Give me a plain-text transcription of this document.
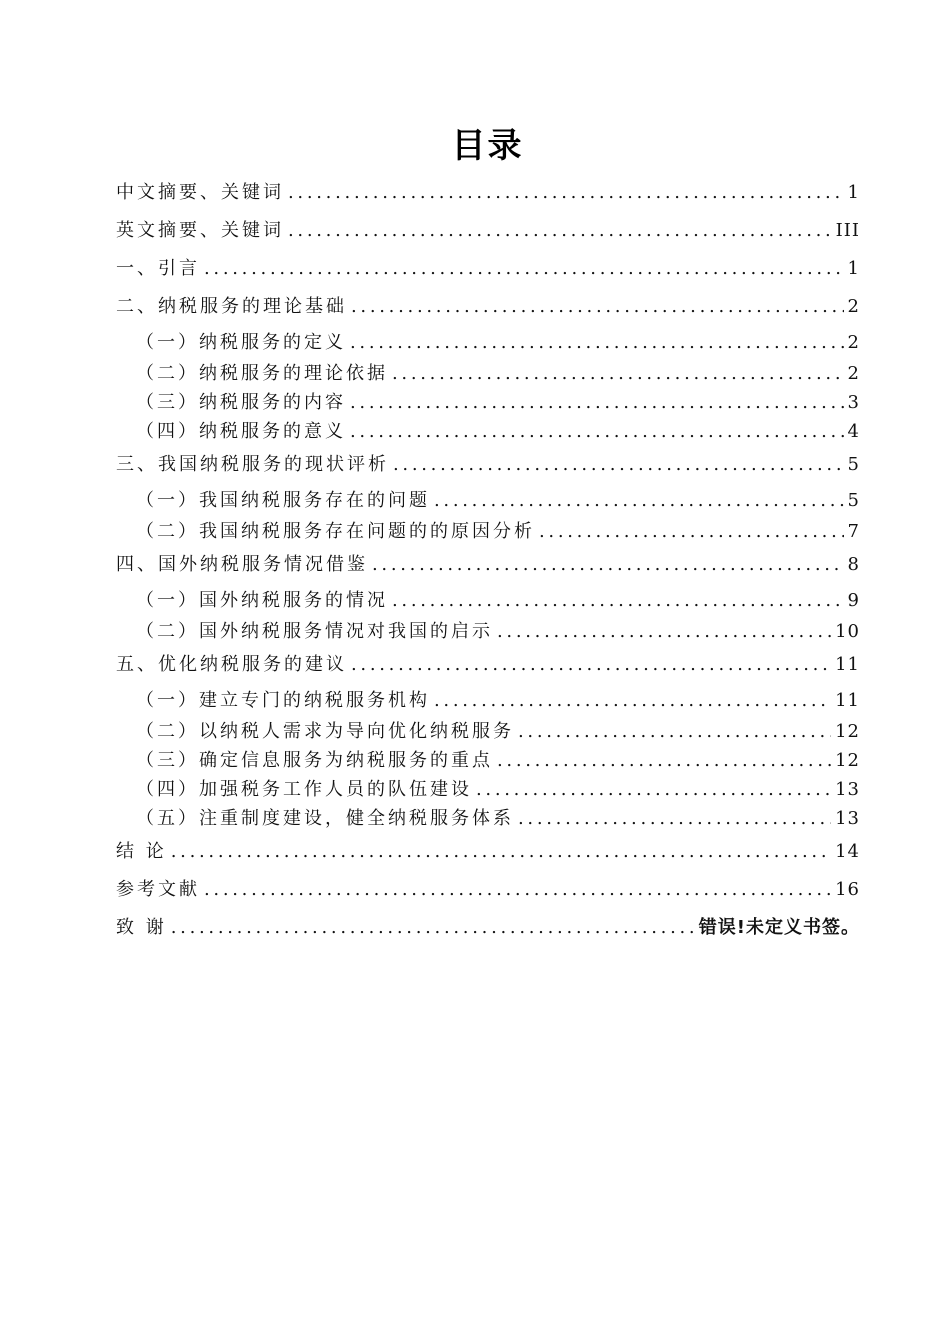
目录
中文摘要、关键词 .....	1
英文摘要、关键词 .....	III
一、引言 .....	1
二、纳税服务的理论基础 .....	2
（一）纳税服务的定义 .....	2
（二）纳税服务的理论依据 .....	2
（三）纳税服务的内容 .....	3
（四）纳税服务的意义 .....	4
三、我国纳税服务的现状评析 .....	5
（一）我国纳税服务存在的问题 .....	5
（二）我国纳税服务存在问题的的原因分析 .....	7
四、国外纳税服务情况借鉴 .....	8
（一）国外纳税服务的情况 .....	9
（二）国外纳税服务情况对我国的启示 .....	10
五、优化纳税服务的建议 .....	11
（一）建立专门的纳税服务机构 .....	11
（二）以纳税人需求为导向优化纳税服务 .....	12
（三）确定信息服务为纳税服务的重点 .....	12
（四）加强税务工作人员的队伍建设 .....	13
（五）注重制度建设，健全纳税服务体系 .....	13
结 论 .....	14
参考文献 .....	16
致 谢 .....	错误!未定义书签。
